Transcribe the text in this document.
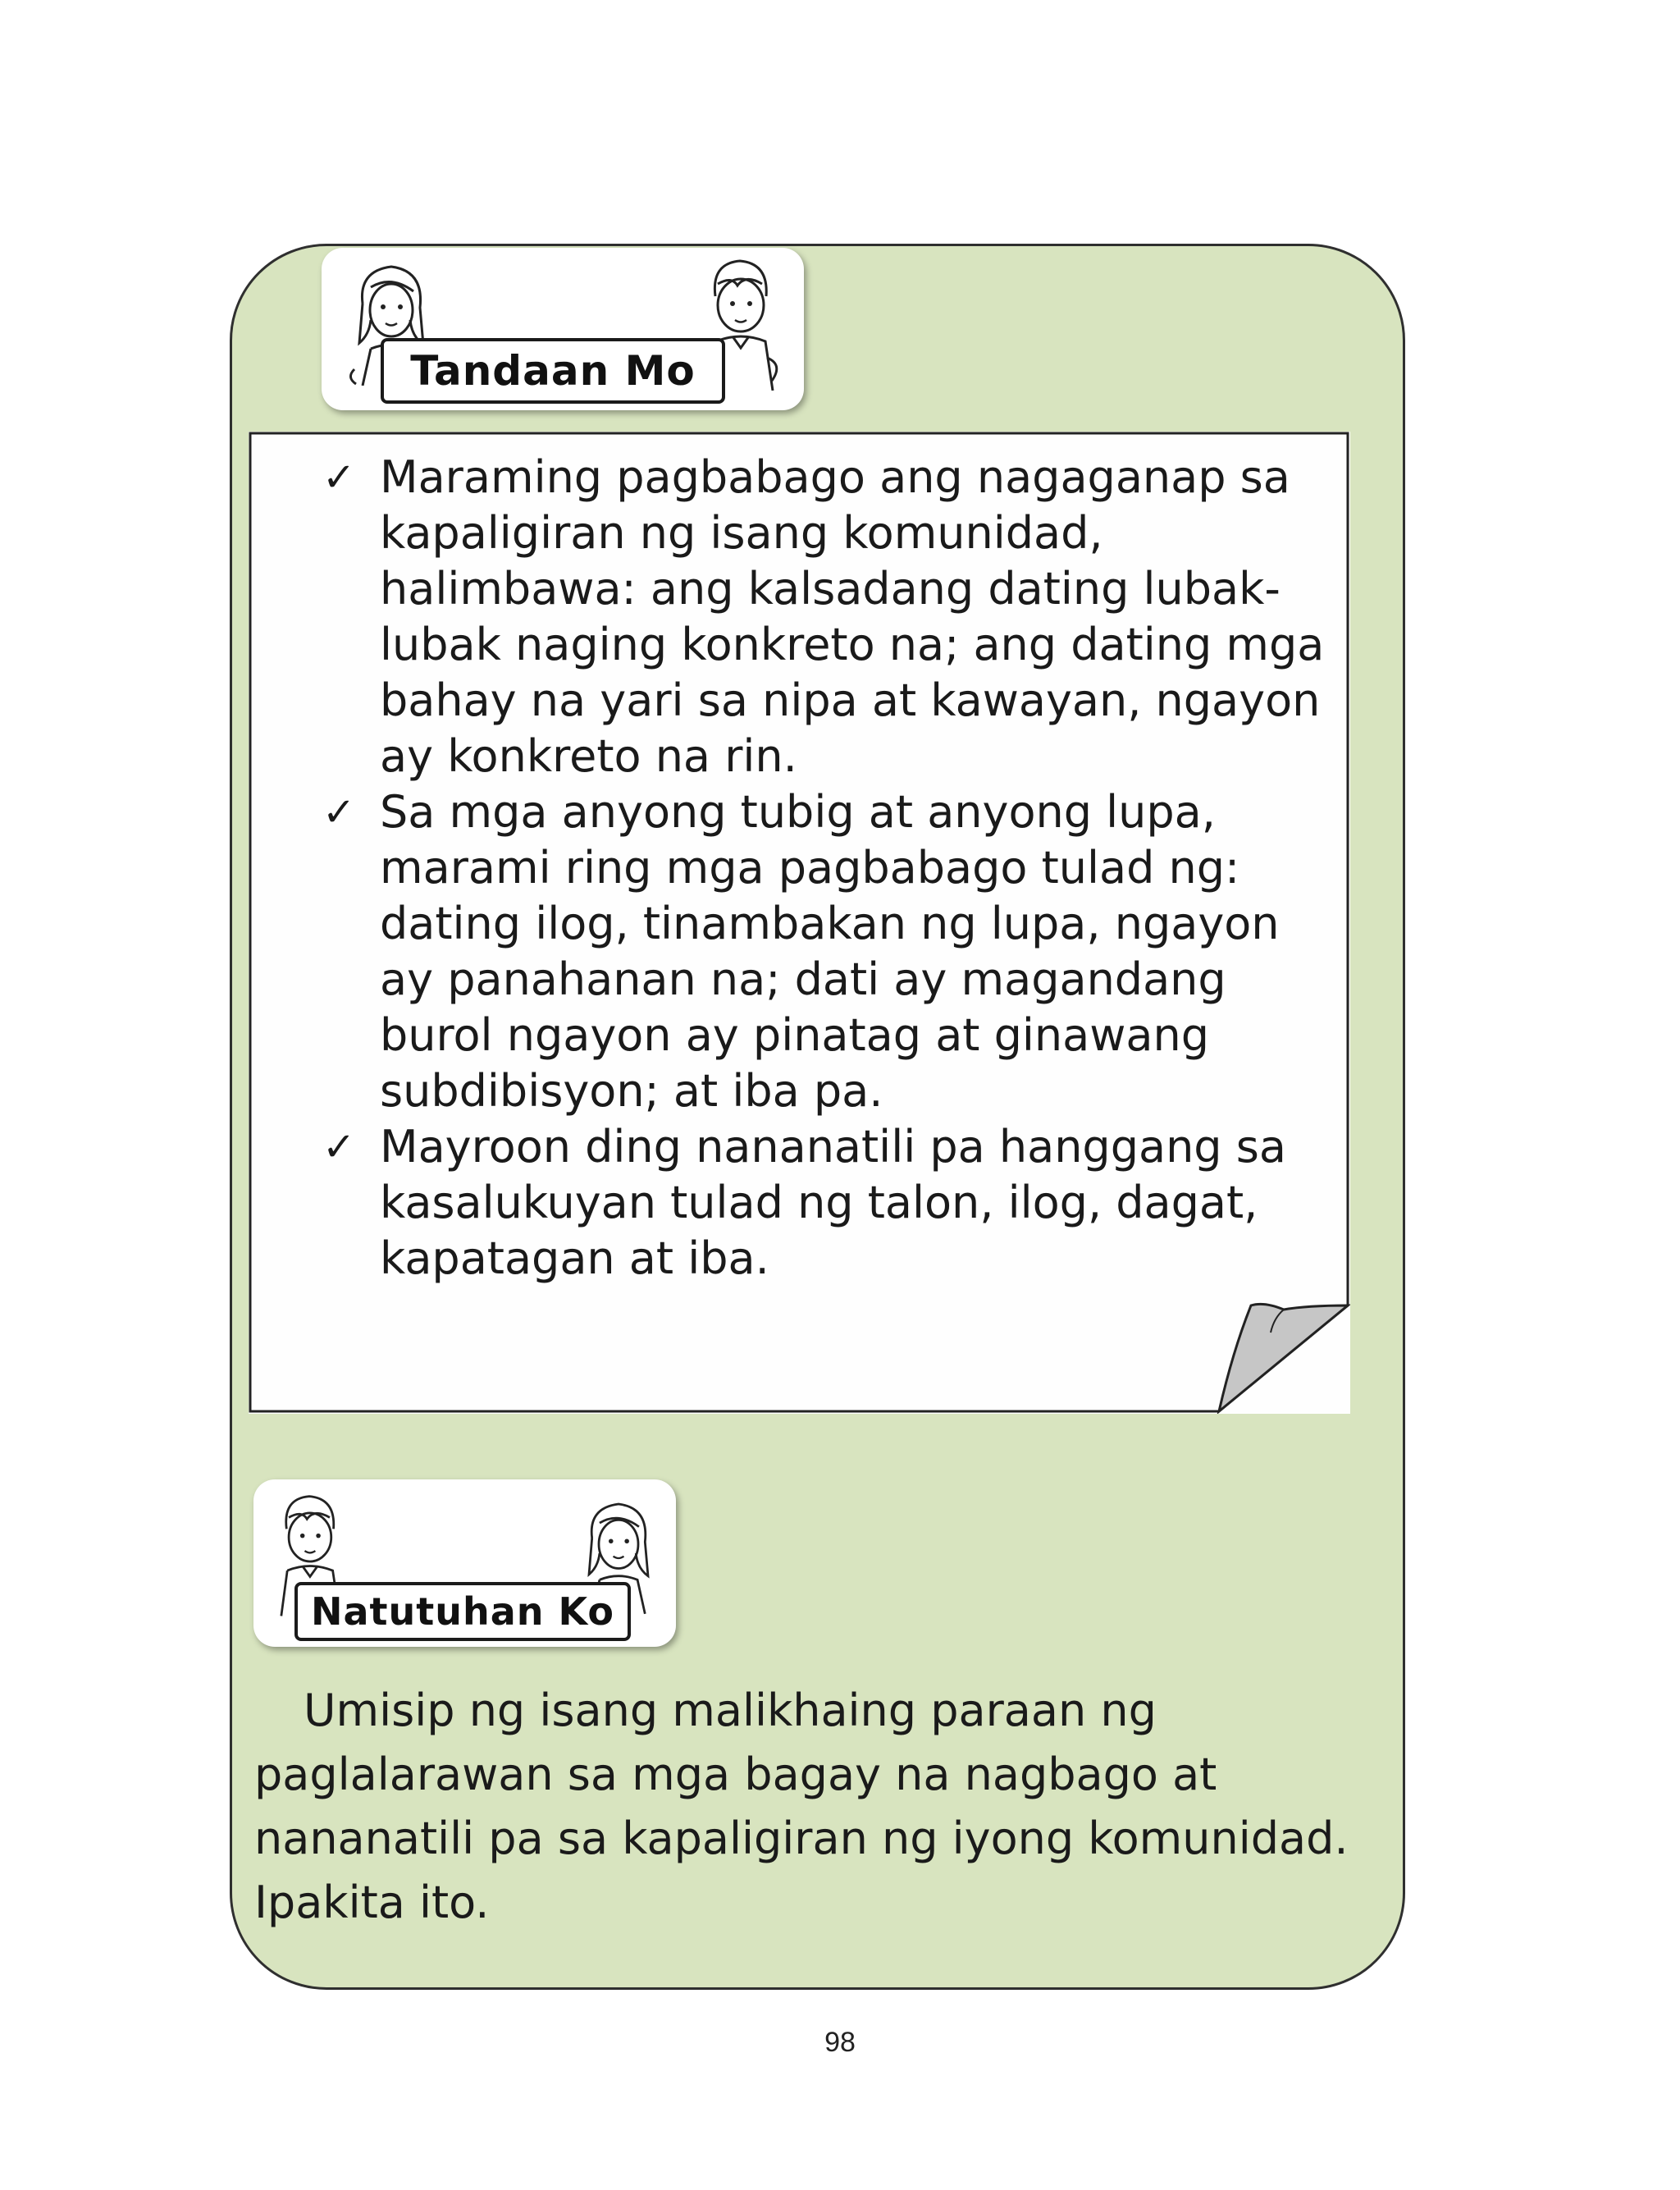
Tandaan Mo
✓ Maraming pagbabago ang nagaganap sa kapaligiran ng isang komunidad, halimbawa: ang kalsadang dating lubak-lubak naging konkreto na; ang dating mga bahay na yari sa nipa at kawayan, ngayon ay konkreto na rin.
✓ Sa mga anyong tubig at anyong lupa, marami ring mga pagbabago tulad ng: dating ilog, tinambakan ng lupa, ngayon ay panahanan na; dati ay magandang burol ngayon ay pinatag at ginawang subdibisyon; at iba pa.
✓ Mayroon ding nananatili pa hanggang sa kasalukuyan tulad ng talon, ilog, dagat, kapatagan at iba.
Natutuhan Ko

Umisip ng isang malikhaing paraan ng paglalarawan sa mga bagay na nagbago at nananatili pa sa kapaligiran ng iyong komunidad. Ipakita ito.

98
